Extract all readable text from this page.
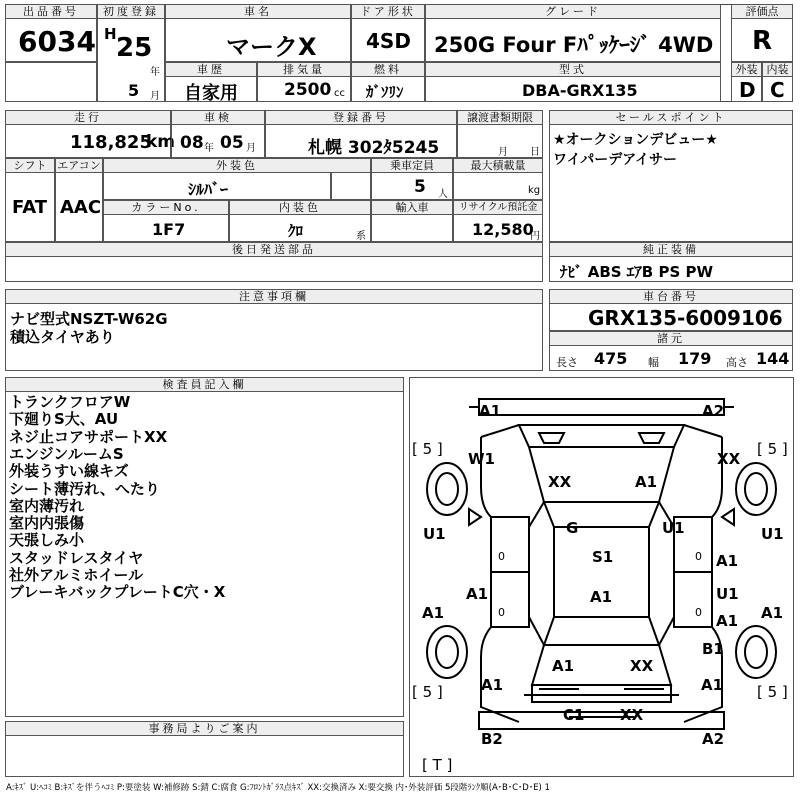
出品番号
6034
初度登録
H 25
年
5 月
車名
マークX
ドア形状
4SD
グレード
250G Four Fﾊﾟｯｹｰｼﾞ 4WD
評価点
R
車歴
自家用
排気量
2500 cc
燃料
ｶﾞｿﾘﾝ
型式
DBA-GRX135
外装 内装
D C
走行
118,825
km
車検
08 年 05 月
登録番号
札幌 302ﾀ5245
譲渡書類期限
月 日
セールスポイント
★オークションデビュー★
ワイパーデアイサー
純正装備
ﾅﾋﾞ ABS ｴｱB PS PW
シフト
FAT
エアコン
AAC
外装色
ｼﾙﾊﾞｰ
乗車定員
5 人
最大積載量
kg
カラーNo.
1F7
内装色
ｸﾛ	系
輸入車	リサイクル預託金
12,580
円
後日発送部品
注意事項欄
ナビ型式NSZT-W62G
積込タイヤあり
車台番号
GRX135-6009106
諸元
長さ 475 幅 179 高さ 144
検査員記入欄
トランクフロアW
下廻りS大、AU
ネジ止コアサポートXX
エンジンルームS
外装うすい線キズ
シート薄汚れ、へたり
室内薄汚れ
室内内張傷
天張しみ小
スタッドレスタイヤ
社外アルミホイール
ブレーキバックプレートC穴・X
事務局よりご案内
A1	A2
[ 5 ]	[ 5 ]
W1	XX
XX	A1
U1	G	U1	U1
0	0
S1	A1
A1	A1	U1
A1	0	0 A1 A1
B1
A1	XX
[ 5 ]	[ 5 ]
A1	A1
C1 XX
B2	A2
[ T ]
A:ｷｽﾞ U:ﾍｺﾐ B:ｷｽﾞを伴うﾍｺﾐ P:要塗装 W:補修跡 S:錆 C:腐食 G:ﾌﾛﾝﾄｶﾞﾗｽ点ｷｽﾞ XX:交換済み X:要交換 内･外装評価 5段階ﾗﾝｸ順(A･B･C･D･E) 1
